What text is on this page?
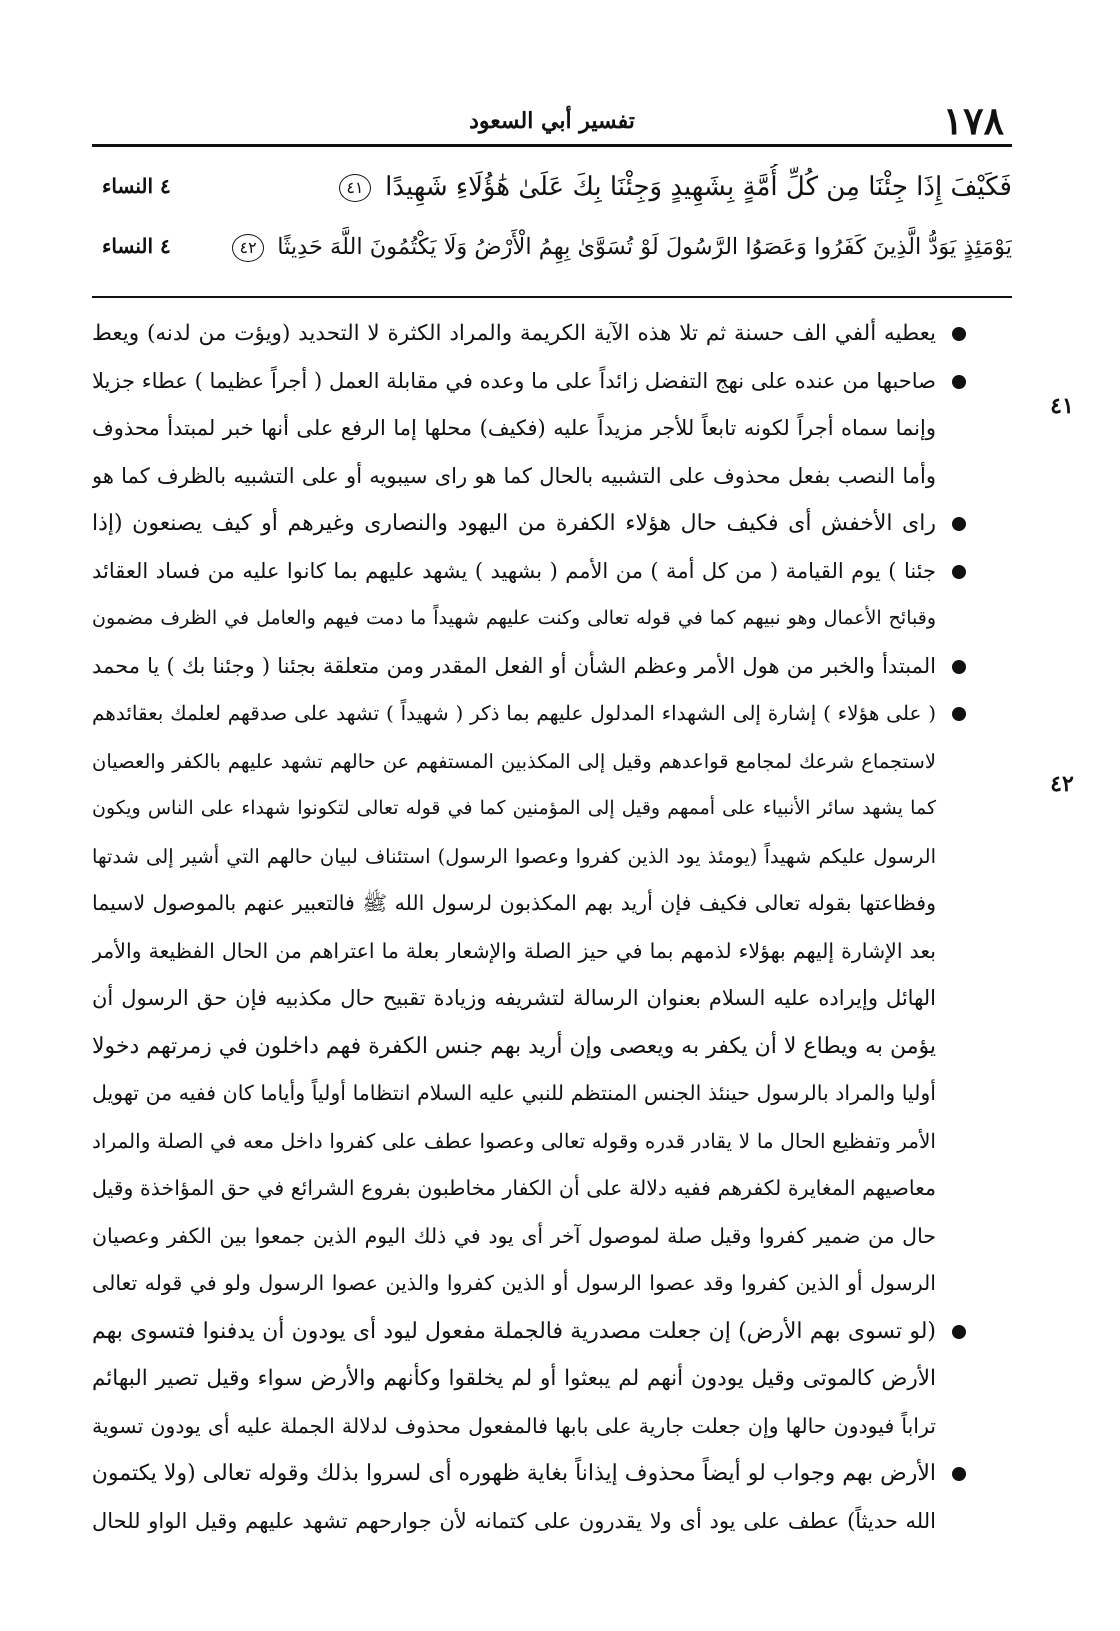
١٧٨
تفسير أبي السعود
فَكَيْفَ إِذَا جِئْنَا مِن كُلِّ أُمَّةٍ بِشَهِيدٍ وَجِئْنَا بِكَ عَلَىٰ هَٰؤُلَاءِ شَهِيدًا ٤١
٤ النساء
يَوْمَئِذٍ يَوَدُّ الَّذِينَ كَفَرُوا وَعَصَوُا الرَّسُولَ لَوْ تُسَوَّىٰ بِهِمُ الْأَرْضُ وَلَا يَكْتُمُونَ اللَّهَ حَدِيثًا ٤٢
٤ النساء
٤١
٤٢
يعطيه ألفي الف حسنة ثم تلا هذه الآية الكريمة والمراد الكثرة لا التحديد (ويؤت من لدنه) ويعط
صاحبها من عنده على نهج التفضل زائداً على ما وعده في مقابلة العمل ( أجراً عظيما ) عطاء جزيلا
وإنما سماه أجراً لكونه تابعاً للأجر مزيداً عليه (فكيف) محلها إما الرفع على أنها خبر لمبتدأ محذوف
وأما النصب بفعل محذوف على التشبيه بالحال كما هو راى سيبويه أو على التشبيه بالظرف كما هو
راى الأخفش أى فكيف حال هؤلاء الكفرة من اليهود والنصارى وغيرهم أو كيف يصنعون (إذا
جئنا ) يوم القيامة ( من كل أمة ) من الأمم ( بشهيد ) يشهد عليهم بما كانوا عليه من فساد العقائد
وقبائح الأعمال وهو نبيهم كما في قوله تعالى وكنت عليهم شهيداً ما دمت فيهم والعامل في الظرف مضمون
المبتدأ والخبر من هول الأمر وعظم الشأن أو الفعل المقدر ومن متعلقة بجئنا ( وجئنا بك ) يا محمد
( على هؤلاء ) إشارة إلى الشهداء المدلول عليهم بما ذكر ( شهيداً ) تشهد على صدقهم لعلمك بعقائدهم
لاستجماع شرعك لمجامع قواعدهم وقيل إلى المكذبين المستفهم عن حالهم تشهد عليهم بالكفر والعصيان
كما يشهد سائر الأنبياء على أممهم وقيل إلى المؤمنين كما في قوله تعالى لتكونوا شهداء على الناس ويكون
الرسول عليكم شهيداً (يومئذ يود الذين كفروا وعصوا الرسول) استئناف لبيان حالهم التي أشير إلى شدتها
وفظاعتها بقوله تعالى فكيف فإن أريد بهم المكذبون لرسول الله ﷺ فالتعبير عنهم بالموصول لاسيما
بعد الإشارة إليهم بهؤلاء لذمهم بما في حيز الصلة والإشعار بعلة ما اعتراهم من الحال الفظيعة والأمر
الهائل وإيراده عليه السلام بعنوان الرسالة لتشريفه وزيادة تقبيح حال مكذبيه فإن حق الرسول أن
يؤمن به ويطاع لا أن يكفر به ويعصى وإن أريد بهم جنس الكفرة فهم داخلون في زمرتهم دخولا
أوليا والمراد بالرسول حينئذ الجنس المنتظم للنبي عليه السلام انتظاما أولياً وأياما كان ففيه من تهويل
الأمر وتفظيع الحال ما لا يقادر قدره وقوله تعالى وعصوا عطف على كفروا داخل معه في الصلة والمراد
معاصيهم المغايرة لكفرهم ففيه دلالة على أن الكفار مخاطبون بفروع الشرائع في حق المؤاخذة وقيل
حال من ضمير كفروا وقيل صلة لموصول آخر أى يود في ذلك اليوم الذين جمعوا بين الكفر وعصيان
الرسول أو الذين كفروا وقد عصوا الرسول أو الذين كفروا والذين عصوا الرسول ولو في قوله تعالى
(لو تسوى بهم الأرض) إن جعلت مصدرية فالجملة مفعول ليود أى يودون أن يدفنوا فتسوى بهم
الأرض كالموتى وقيل يودون أنهم لم يبعثوا أو لم يخلقوا وكأنهم والأرض سواء وقيل تصير البهائم
تراباً فيودون حالها وإن جعلت جارية على بابها فالمفعول محذوف لدلالة الجملة عليه أى يودون تسوية
الأرض بهم وجواب لو أيضاً محذوف إيذاناً بغاية ظهوره أى لسروا بذلك وقوله تعالى (ولا يكتمون
الله حديثاً) عطف على يود أى ولا يقدرون على كتمانه لأن جوارحهم تشهد عليهم وقيل الواو للحال
